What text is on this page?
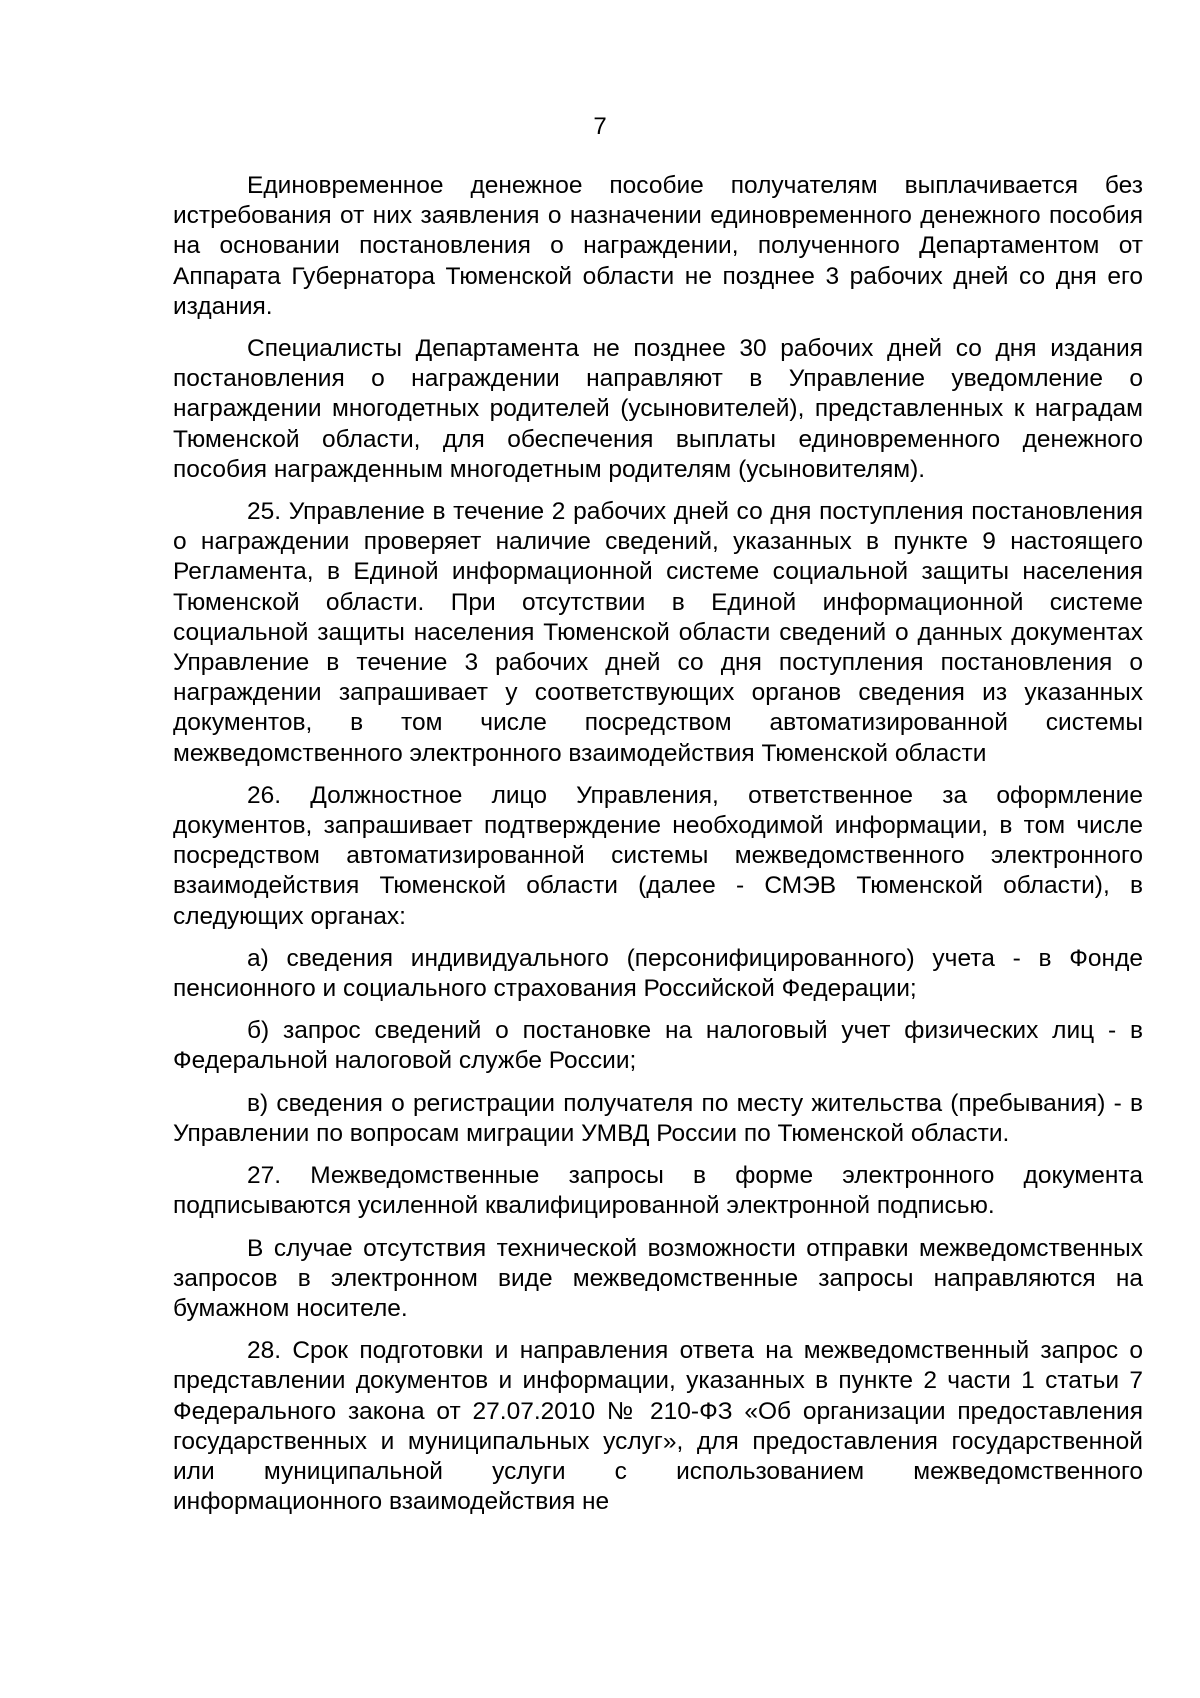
7

Единовременное денежное пособие получателям выплачивается без истребования от них заявления о назначении единовременного денежного пособия на основании постановления о награждении, полученного Департаментом от Аппарата Губернатора Тюменской области не позднее 3 рабочих дней со дня его издания.

Специалисты Департамента не позднее 30 рабочих дней со дня издания постановления о награждении направляют в Управление уведомление о награждении многодетных родителей (усыновителей), представленных к наградам Тюменской области, для обеспечения выплаты единовременного денежного пособия награжденным многодетным родителям (усыновителям).

25. Управление в течение 2 рабочих дней со дня поступления постановления о награждении проверяет наличие сведений, указанных в пункте 9 настоящего Регламента, в Единой информационной системе социальной защиты населения Тюменской области. При отсутствии в Единой информационной системе социальной защиты населения Тюменской области сведений о данных документах Управление в течение 3 рабочих дней со дня поступления постановления о награждении запрашивает у соответствующих органов сведения из указанных документов, в том числе посредством автоматизированной системы межведомственного электронного взаимодействия Тюменской области

26. Должностное лицо Управления, ответственное за оформление документов, запрашивает подтверждение необходимой информации, в том числе посредством автоматизированной системы межведомственного электронного взаимодействия Тюменской области (далее - СМЭВ Тюменской области), в следующих органах:

а) сведения индивидуального (персонифицированного) учета - в Фонде пенсионного и социального страхования Российской Федерации;

б) запрос сведений о постановке на налоговый учет физических лиц - в Федеральной налоговой службе России;

в) сведения о регистрации получателя по месту жительства (пребывания) - в Управлении по вопросам миграции УМВД России по Тюменской области.

27. Межведомственные запросы в форме электронного документа подписываются усиленной квалифицированной электронной подписью.

В случае отсутствия технической возможности отправки межведомственных запросов в электронном виде межведомственные запросы направляются на бумажном носителе.

28. Срок подготовки и направления ответа на межведомственный запрос о представлении документов и информации, указанных в пункте 2 части 1 статьи 7 Федерального закона от 27.07.2010 № 210-ФЗ «Об организации предоставления государственных и муниципальных услуг», для предоставления государственной или муниципальной услуги с использованием межведомственного информационного взаимодействия не
